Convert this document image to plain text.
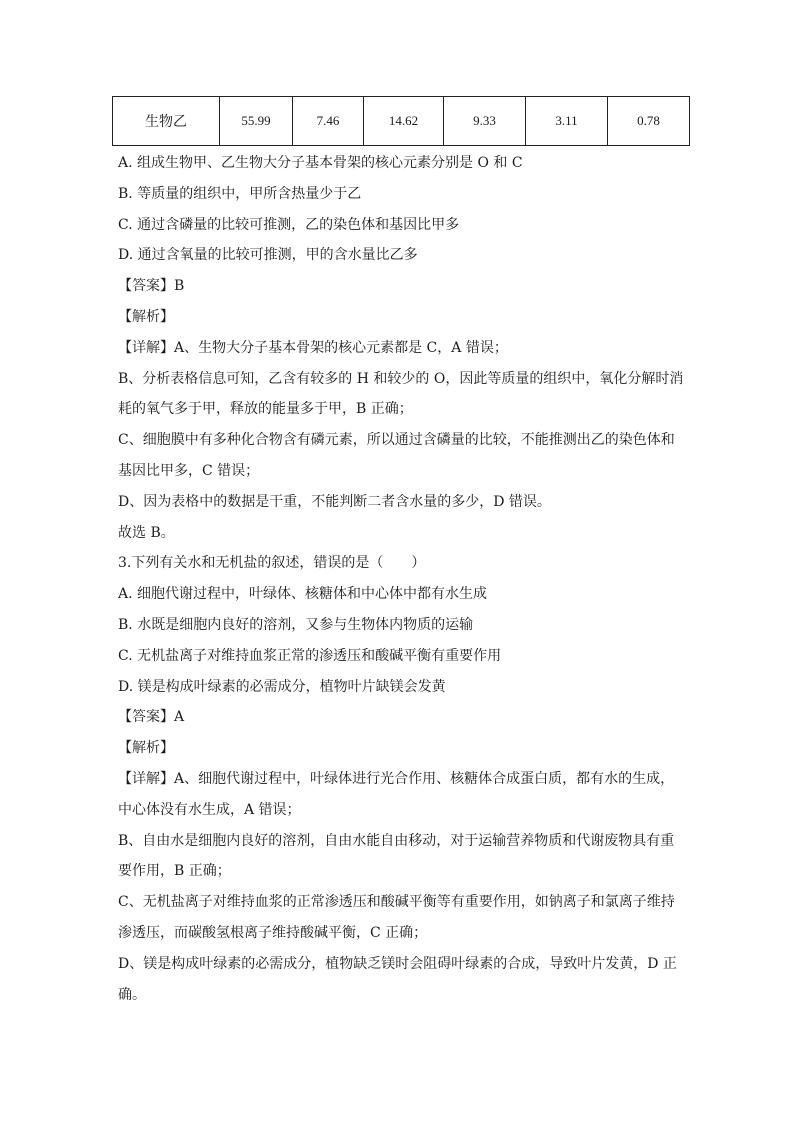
生物乙	55.99	7.46	14.62	9.33	3.11	0.78
A. 组成生物甲、乙生物大分子基本骨架的核心元素分别是 O 和 C
B. 等质量的组织中，甲所含热量少于乙
C. 通过含磷量的比较可推测，乙的染色体和基因比甲多
D. 通过含氧量的比较可推测，甲的含水量比乙多
【答案】B
【解析】
【详解】A、生物大分子基本骨架的核心元素都是 C，A 错误；
B、分析表格信息可知，乙含有较多的 H 和较少的 O，因此等质量的组织中，氧化分解时消
耗的氧气多于甲，释放的能量多于甲，B 正确；
C、细胞膜中有多种化合物含有磷元素，所以通过含磷量的比较，不能推测出乙的染色体和
基因比甲多，C 错误；
D、因为表格中的数据是干重，不能判断二者含水量的多少，D 错误。
故选 B。
3.下列有关水和无机盐的叙述，错误的是（　　）
A. 细胞代谢过程中，叶绿体、核糖体和中心体中都有水生成
B. 水既是细胞内良好的溶剂，又参与生物体内物质的运输
C. 无机盐离子对维持血浆正常的渗透压和酸碱平衡有重要作用
D. 镁是构成叶绿素的必需成分，植物叶片缺镁会发黄
【答案】A
【解析】
【详解】A、细胞代谢过程中，叶绿体进行光合作用、核糖体合成蛋白质，都有水的生成，
中心体没有水生成，A 错误；
B、自由水是细胞内良好的溶剂，自由水能自由移动，对于运输营养物质和代谢废物具有重
要作用，B 正确；
C、无机盐离子对维持血浆的正常渗透压和酸碱平衡等有重要作用，如钠离子和氯离子维持
渗透压，而碳酸氢根离子维持酸碱平衡，C 正确；
D、镁是构成叶绿素的必需成分，植物缺乏镁时会阻碍叶绿素的合成，导致叶片发黄，D 正
确。
